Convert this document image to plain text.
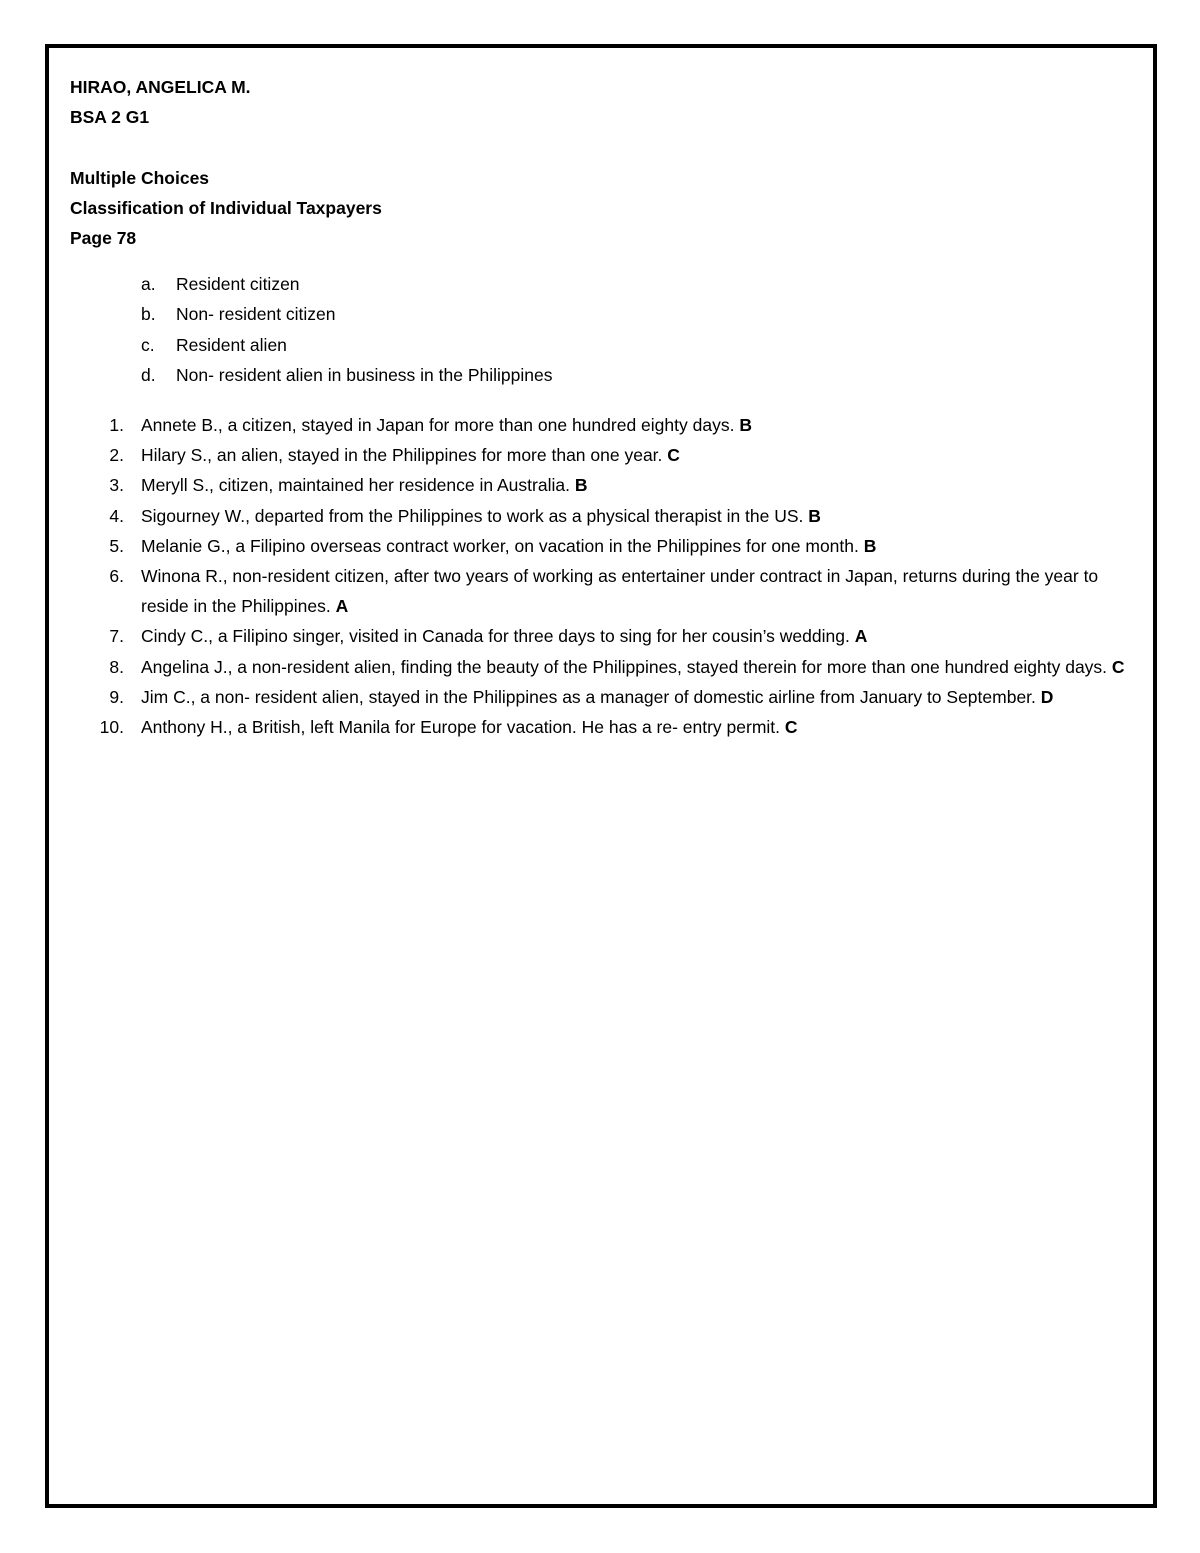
HIRAO, ANGELICA M.

BSA 2 G1

Multiple Choices

Classification of Individual Taxpayers

Page 78

a. Resident citizen
b. Non- resident citizen
c. Resident alien
d. Non- resident alien in business in the Philippines
1. Annete B., a citizen, stayed in Japan for more than one hundred eighty days. B
2. Hilary S., an alien, stayed in the Philippines for more than one year. C
3. Meryll S., citizen, maintained her residence in Australia. B
4. Sigourney W., departed from the Philippines to work as a physical therapist in the US. B
5. Melanie G., a Filipino overseas contract worker, on vacation in the Philippines for one month. B
6. Winona R., non-resident citizen, after two years of working as entertainer under contract in Japan, returns during the year to reside in the Philippines. A
7. Cindy C., a Filipino singer, visited in Canada for three days to sing for her cousin’s wedding. A
8. Angelina J., a non-resident alien, finding the beauty of the Philippines, stayed therein for more than one hundred eighty days. C
9. Jim C., a non- resident alien, stayed in the Philippines as a manager of domestic airline from January to September. D
10. Anthony H., a British, left Manila for Europe for vacation. He has a re- entry permit. C
